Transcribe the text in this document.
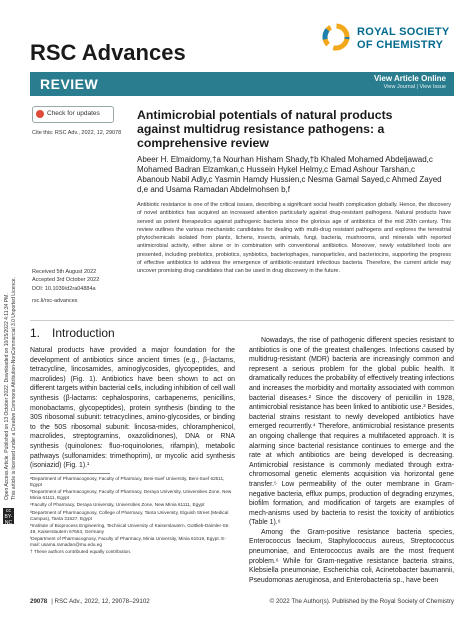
RSC Advances
ROYAL SOCIETY
OF CHEMISTRY
REVIEW	View Article Online
View Journal | View Issue
Open Access Article. Published on 13 October 2022. Downloaded on 10/15/2022 4:11:34 PM. This article is licensed under a Creative Commons Attribution-NonCommercial 3.0 Unported Licence.
cc BY-NC
Check for updates
Cite this: RSC Adv., 2022, 12, 29078
Received 5th August 2022
Accepted 3rd October 2022
DOI: 10.1039/d2ra04884a
rsc.li/rsc-advances
Antimicrobial potentials of natural products against multidrug resistance pathogens: a comprehensive review
Abeer H. Elmaidomy,†a Nourhan Hisham Shady,†b Khaled Mohamed Abdeljawad,c Mohamed Badran Elzamkan,c Hussein Hykel Helmy,c Emad Ashour Tarshan,c Abanoub Nabil Adly,c Yasmin Hamdy Hussien,c Nesma Gamal Sayed,c Ahmed Zayed d,e and Usama Ramadan Abdelmohsen b,f
Antibiotic resistance is one of the critical issues, describing a significant social health complication globally. Hence, the discovery of novel antibiotics has acquired an increased attention particularly against drug-resistant pathogens. Natural products have served as potent therapeutics against pathogenic bacteria since the glorious age of antibiotics of the mid 20th century. This review outlines the various mechanistic candidates for dealing with multi-drug resistant pathogens and explores the terrestrial phytochemicals isolated from plants, lichens, insects, animals, fungi, bacteria, mushrooms, and minerals with reported antimicrobial activity, either alone or in combination with conventional antibiotics. Moreover, newly established tools are presented, including prebiotics, probiotics, synbiotics, bacteriophages, nanoparticles, and bacteriocins, supporting the progress of effective antibiotics to address the emergence of antibiotic-resistant infectious bacteria. Therefore, the current article may uncover promising drug candidates that can be used in drug discovery in the future.
1. Introduction

Natural products have provided a major foundation for the development of antibiotics since ancient times (e.g., β-lactams, tetracycline, lincosamides, aminoglycosides, glycopeptides, and macrolides) (Fig. 1). Antibiotics have been shown to act on different targets within bacterial cells, including inhibition of cell wall synthesis (β-lactams: cephalosporins, carbapenems, penicillins, monobactams, glycopeptides), protein synthesis (binding to the 30S ribosomal subunit: tetracyclines, amino-glycosides, or binding to the 50S ribosomal subunit: lincosa-mides, chloramphenicol, macrolides, streptogramins, oxazolidinones), DNA or RNA synthesis (quinolones: fluo-roquinolones, rifampin), metabolic pathways (sulfonamides: trimethoprim), or mycolic acid synthesis (isoniazid) (Fig. 1).¹

Nowadays, the rise of pathogenic different species resistant to antibiotics is one of the greatest challenges. Infections caused by multidrug-resistant (MDR) bacteria are increasingly common and represent a serious problem for the global public health. It dramatically reduces the probability of effectively treating infections and increases the morbidity and mortality associated with common bacterial diseases.² Since the discovery of penicillin in 1928, antimicrobial resistance has been linked to antibiotic use.³ Besides, bacterial strains resistant to newly developed antibiotics have emerged recurrently.⁴ Therefore, antimicrobial resistance presents an ongoing challenge that requires a multifaceted approach. It is alarming since bacterial resistance continues to emerge and the rate at which antibiotics are being developed is decreasing. Antimicrobial resistance is commonly mediated through extra-chromosomal genetic elements acquisition via horizontal gene transfer.⁵ Low permeability of the outer membrane in Gram-negative bacteria, efflux pumps, production of degrading enzymes, biofilm formation, and modification of targets are examples of mech-anisms used by bacteria to resist the toxicity of antibiotics (Table 1).⁶

Among the Gram-positive resistance bacteria species, Enterococcus faecium, Staphylococcus aureus, Streptococcus pneumoniae, and Enterococcus avails are the most frequent problem.⁶ While for Gram-negative resistance bacteria strains, Klebsiella pneumoniae, Escherichia coli, Acinetobacter baumannii, Pseudomonas aeruginosa, and Enterobacteria sp., have been

ᵃDepartment of Pharmacognosy, Faculty of Pharmacy, Beni-Suef University, Beni-Suef 62511, Egypt
ᵇDepartment of Pharmacognosy, Faculty of Pharmacy, Deraya University, Universities Zone, New Minia 61111, Egypt
ᶜFaculty of Pharmacy, Deraya University, Universities Zone, New Minia 61111, Egypt
ᵈDepartment of Pharmacognosy, College of Pharmacy, Tanta University, Elguish Street (Medical Campus), Tanta 31527, Egypt
ᵉInstitute of Bioprocess Engineering, Technical University of Kaiserslautern, Gottlieb-Daimler-Str. 49, Kaiserslautern 67663, Germany
ᶠDepartment of Pharmacognosy, Faculty of Pharmacy, Minia University, Minia 61519, Egypt. E-mail: usama.ramadan@mu.edu.eg
† These authors contributed equally contribution.
29078 | RSC Adv., 2022, 12, 29078–29102	© 2022 The Author(s). Published by the Royal Society of Chemistry
